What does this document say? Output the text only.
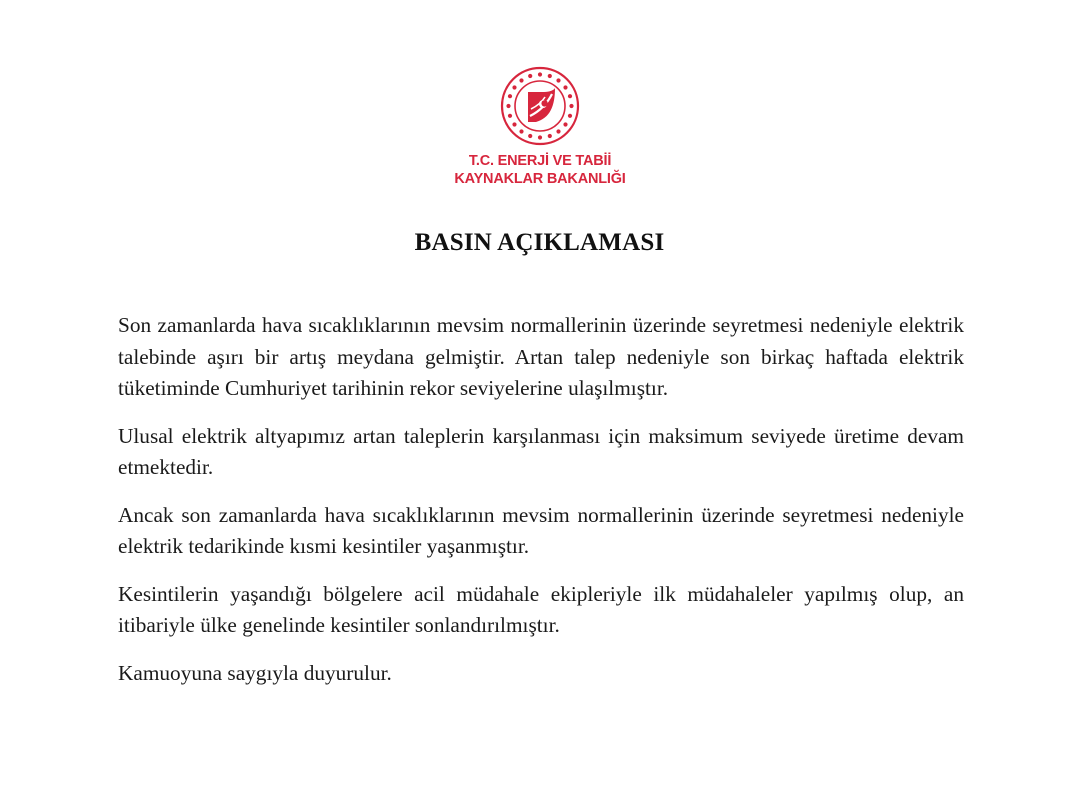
T.C. ENERJİ VE TABİİ
KAYNAKLAR BAKANLIĞI
BASIN AÇIKLAMASI

Son zamanlarda hava sıcaklıklarının mevsim normallerinin üzerinde seyretmesi nedeniyle elektrik talebinde aşırı bir artış meydana gelmiştir. Artan talep nedeniyle son birkaç haftada elektrik tüketiminde Cumhuriyet tarihinin rekor seviyelerine ulaşılmıştır.

Ulusal elektrik altyapımız artan taleplerin karşılanması için maksimum seviyede üretime devam etmektedir.

Ancak son zamanlarda hava sıcaklıklarının mevsim normallerinin üzerinde seyretmesi nedeniyle elektrik tedarikinde kısmi kesintiler yaşanmıştır.

Kesintilerin yaşandığı bölgelere acil müdahale ekipleriyle ilk müdahaleler yapılmış olup, an itibariyle ülke genelinde kesintiler sonlandırılmıştır.

Kamuoyuna saygıyla duyurulur.
